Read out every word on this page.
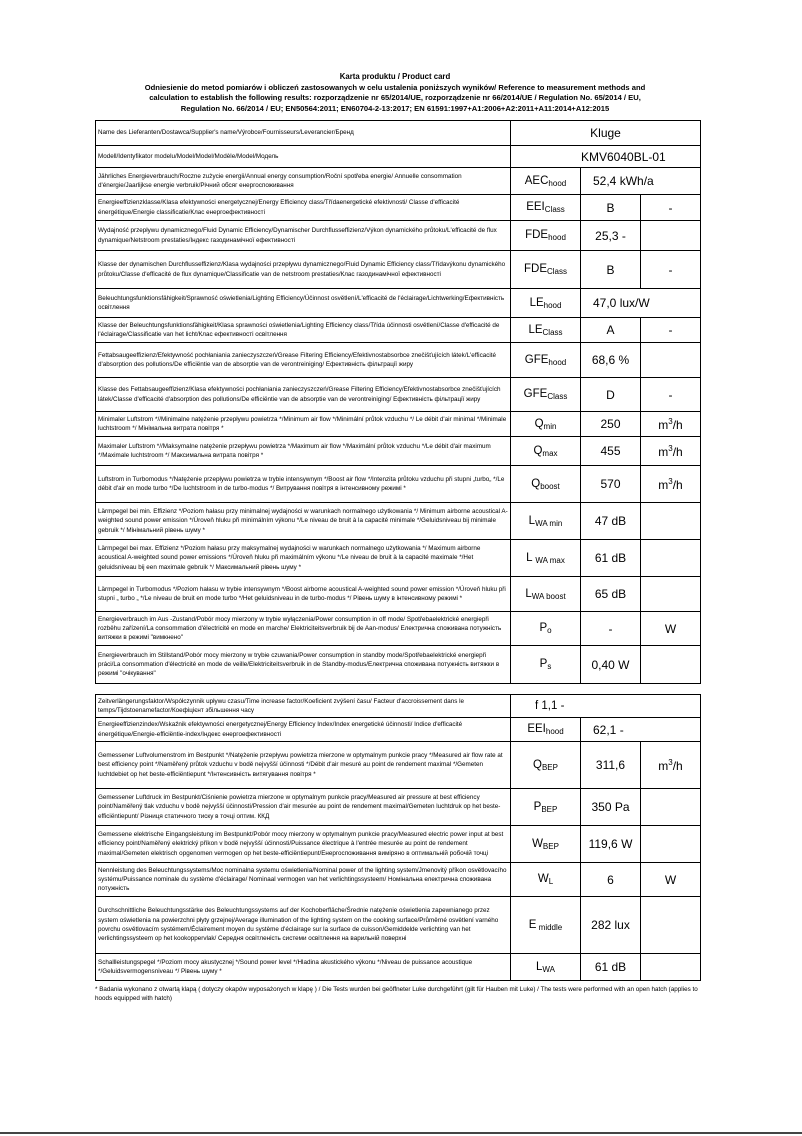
Karta produktu / Product card
Odniesienie do metod pomiarów i obliczeń zastosowanych w celu ustalenia poniższych wyników/ Reference to measurement methods and
calculation to establish the following results: rozporządzenie nr 65/2014/UE, rozporządzenie nr 66/2014/UE / Regulation No. 65/2014 / EU,
Regulation No. 66/2014 / EU; EN50564:2011; EN60704-2-13:2017; EN 61591:1997+A1:2006+A2:2011+A11:2014+A12:2015
Name des Lieferanten/Dostawca/Supplier's name/Výrobce/Fournisseurs/Leverancier/Бренд	Kluge		
Modell/Identyfikator modelu/Model/Model/Modèle/Model/Модель	KMV6040BL-01		
Jährliches Energieverbrauch/Roczne zużycie energii/Annual energy consumption/Roční spotřeba energie/ Annuelle consommation d'énergie/Jaarlijkse energie verbruik/Річний обсяг енергоспоживання	$AEC_{hood}$	52,4 kWh/a	
Energieeffizienzklasse/Klasa efektywności energetycznej/Energy Efficiency class/Třídaenergetické efektivnosti/ Classe d'efficacité énergétique/Energie classificatie/Клас енергоефективності	$EEI_{Class}$	B	-
Wydajność przepływu dynamicznego/Fluid Dynamic Efficiency/Dynamischer Durchflusseffizienz/Výkon dynamického průtoku/L'efficacité de flux dynamique/Netstroom prestaties/Індекс газодинамічної ефективності	$FDE_{hood}$	25,3 -	
Klasse der dynamischen Durchflusseffizienz/Klasa wydajności przepływu dynamicznego/Fluid Dynamic Efficiency class/Třídavýkonu dynamického průtoku/Classe d'efficacité de flux dynamique/Classificatie van de netstroom prestaties/Клас газодинамічної ефективності	$FDE_{Class}$	B	-
Beleuchtungsfunktionsfähigkeit/Sprawność oświetlenia/Lighting Efficiency/Účinnost osvětlení/L'efficacité de l'éclairage/Lichtwerking/Ефективність освітлення	$LE_{hood}$	47,0 lux/W	
Klasse der Beleuchtungsfunktionsfähigkeit/Klasa sprawności oświetlenia/Lighting Efficiency class/Třída účinnosti osvětlení/Classe d'efficacité de l'éclairage/Classificatie van het licht/Клас ефективності освітлення	$LE_{Class}$	A	-
Fettabsaugeeffizienz/Efektywność pochłaniania zanieczyszczeń/Grease Filtering Efficiency/Efektivnostabsorbce znečišťujících látek/L'efficacité d'absorption des pollutions/De efficiëntie van de absorptie van de verontreiniging/ Ефективність фільтрації жиру	$GFE_{hood}$	68,6 %	
Klasse des Fettabsaugeeffizienz/Klasa efektywności pochłaniania zanieczyszczeń/Grease Filtering Efficiency/Efektivnostabsorbce znečišťujících látek/Classe d'efficacité d'absorption des pollutions/De efficiëntie van de absorptie van de verontreiniging/ Ефективність фільтрації жиру	$GFE_{Class}$	D	-
Minimaler Luftstrom *//Minimalne natężenie przepływu powietrza */Minimum air flow */Minimální průtok vzduchu */ Le débit d'air minimal */Minimale luchtstroom */ Мінімальна витрата повітря *	$Q_{min}$	250	$m^3/h$
Maximaler Luftstrom *//Maksymalne natężenie przepływu powietrza */Maximum air flow */Maximální průtok vzduchu */Le débit d'air maximum */Maximale luchtstroom */ Максимальна витрата повітря *	$Q_{max}$	455	$m^3/h$
Luftstrom in Turbomodus */Natężenie przepływu powietrza w trybie intensywnym */Boost air flow */Intenzita průtoku vzduchu při stupni „turbo„ */Le débit d'air en mode turbo */De luchtstroom in de turbo-modus */ Витрування повітря в інтенсивному режимі *	$Q_{boost}$	570	$m^3/h$
Lärmpegel bei min. Effizienz */Poziom hałasu przy minimalnej wydajności w warunkach normalnego użytkowania */ Minimum airborne acoustical A-weighted sound power emission */Úroveň hluku při minimálním výkonu */Le niveau de bruit à la capacité minimale */Geluidsniveau bij minimale gebruik */ Мінімальний рівень шуму *	$L_{WA min}$	47 dB	
Lärmpegel bei max. Effizienz */Poziom hałasu przy maksymalnej wydajności w warunkach normalnego użytkowania */ Maximum airborne acoustical A-weighted sound power emissions */Úroveň hluku při maximálním výkonu */Le niveau de bruit à la capacité maximale */Het geluidsniveau bij een maximale gebruik */ Максимальний рівень шуму *	L $_{WA max}$	61 dB	
Lärmpegel in Turbomodus */Poziom hałasu w trybie intensywnym */Boost airborne acoustical A-weighted sound power emission */Úroveň hluku při stupni „ turbo „ */Le niveau de bruit en mode turbo */Het geluidsniveau in de turbo-modus */ Рівень шуму в інтенсивному режимі *	$L_{WA boost}$	65 dB	
Energieverbrauch im Aus -Zustand/Pobór mocy mierzony w trybie wyłączenia/Power consumption in off mode/ Spotřebaelektrické energiepři rozběhu zařízení/La consommation d'électricité en mode en marche/ Elektriciteitsverbruik bij de Aan-modus/ Електрична споживана потужність витяжки в режимі "вимкнено"	$P_o$	-	W
Energieverbrauch im Stillstand/Pobór mocy mierzony w trybie czuwania/Power consumption in standby mode/Spotřebaelektrické energiepři práci/La consommation d'électricité en mode de veille/Elektriciteitsverbruik in de Standby-modus/Електрична споживана потужність витяжки в режимі "очікування"	$P_s$	0,40 W	
Zeitverlängerungsfaktor/Współczynnik upływu czasu/Time increase factor/Koeficient zvýšení času/ Facteur d'accroissement dans le temps/Tijdstoenamefactor/Коефіцієнт збільшення часу	f 1,1 -		
Energieeffizienzindex/Wskaźnik efektywności energetycznej/Energy Efficiency Index/Index energetické účinnosti/ Indice d'efficacité énergétique/Energie-efficiëntie-index/Індекс енергоефективності	$EEI_{hood}$	62,1 -	
Gemessener Luftvolumenstrom im Bestpunkt */Natężenie przepływu powietrza mierzone w optymalnym punkcie pracy */Measured air flow rate at best efficiency point */Naměřený průtok vzduchu v bodě nejvyšší účinnosti */Débit d'air mesuré au point de rendement maximal */Gemeten luchtdebiet op het beste-efficiëntiepunt */Інтенсивність витягування повітря *	$Q_{BEP}$	311,6	$m^3/h$
Gemessener Luftdruck im Bestpunkt/Ciśnienie powietrza mierzone w optymalnym punkcie pracy/Measured air pressure at best efficiency point/Naměřený tlak vzduchu v bodě nejvyšší účinnosti/Pression d'air mesurée au point de rendement maximal/Gemeten luchtdruk op het beste-efficiëntiepunt/ Різниця статичного тиску в точці оптим. ККД	$P_{BEP}$	350 Pa	
Gemessene elektrische Eingangsleistung im Bestpunkt/Pobór mocy mierzony w optymalnym punkcie pracy/Measured electric power input at best efficiency point/Naměřený elektrický příkon v bodě nejvyšší účinnosti/Puissance électrique à l'entrée mesurée au point de rendement maximal/Gemeten elektrisch opgenomen vermogen op het beste-efficiëntiepunt/Енергоспоживання виміряно в оптимальній робочій точці	$W_{BEP}$	119,6 W	
Nennleistung des Beleuchtungssystems/Moc nominalna systemu oświetlenia/Nominal power of the lighting system/Jmenovitý příkon osvětlovacího systému/Puissance nominale du système d'éclairage/ Nominaal vermogen van het verlichtingssysteem/ Номінальна електрична споживана потужність	$W_L$	6	W
Durchschnittliche Beleuchtungsstärke des Beleuchtungssystems auf der Kochoberfläche/Średnie natężenie oświetlenia zapewnianego przez system oświetlenia na powierzchni płyty grzejnej/Average illumination of the lighting system on the cooking surface/Průměrné osvětlení varného povrchu osvětlovacím systémem/Éclairement moyen du système d'éclairage sur la surface de cuisson/Gemiddelde verlichting van het verlichtingssysteem op het kookoppervlak/ Середня освітленість системи освітлення на варильній поверхні	E $_{middle}$	282 lux	
Schallleistungspegel */Poziom mocy akustycznej */Sound power level */Hladina akustického výkonu */Niveau de puissance acoustique */Geluidsvermogensniveau */ Рівень шуму *	$L_{WA}$	61 dB	
* Badania wykonano z otwartą klapą ( dotyczy okapów wyposażonych w klapę ) / Die Tests wurden bei geöffneter Luke durchgeführt (gilt für Hauben mit Luke) / The tests were performed with an open hatch (applies to hoods equipped with hatch)
